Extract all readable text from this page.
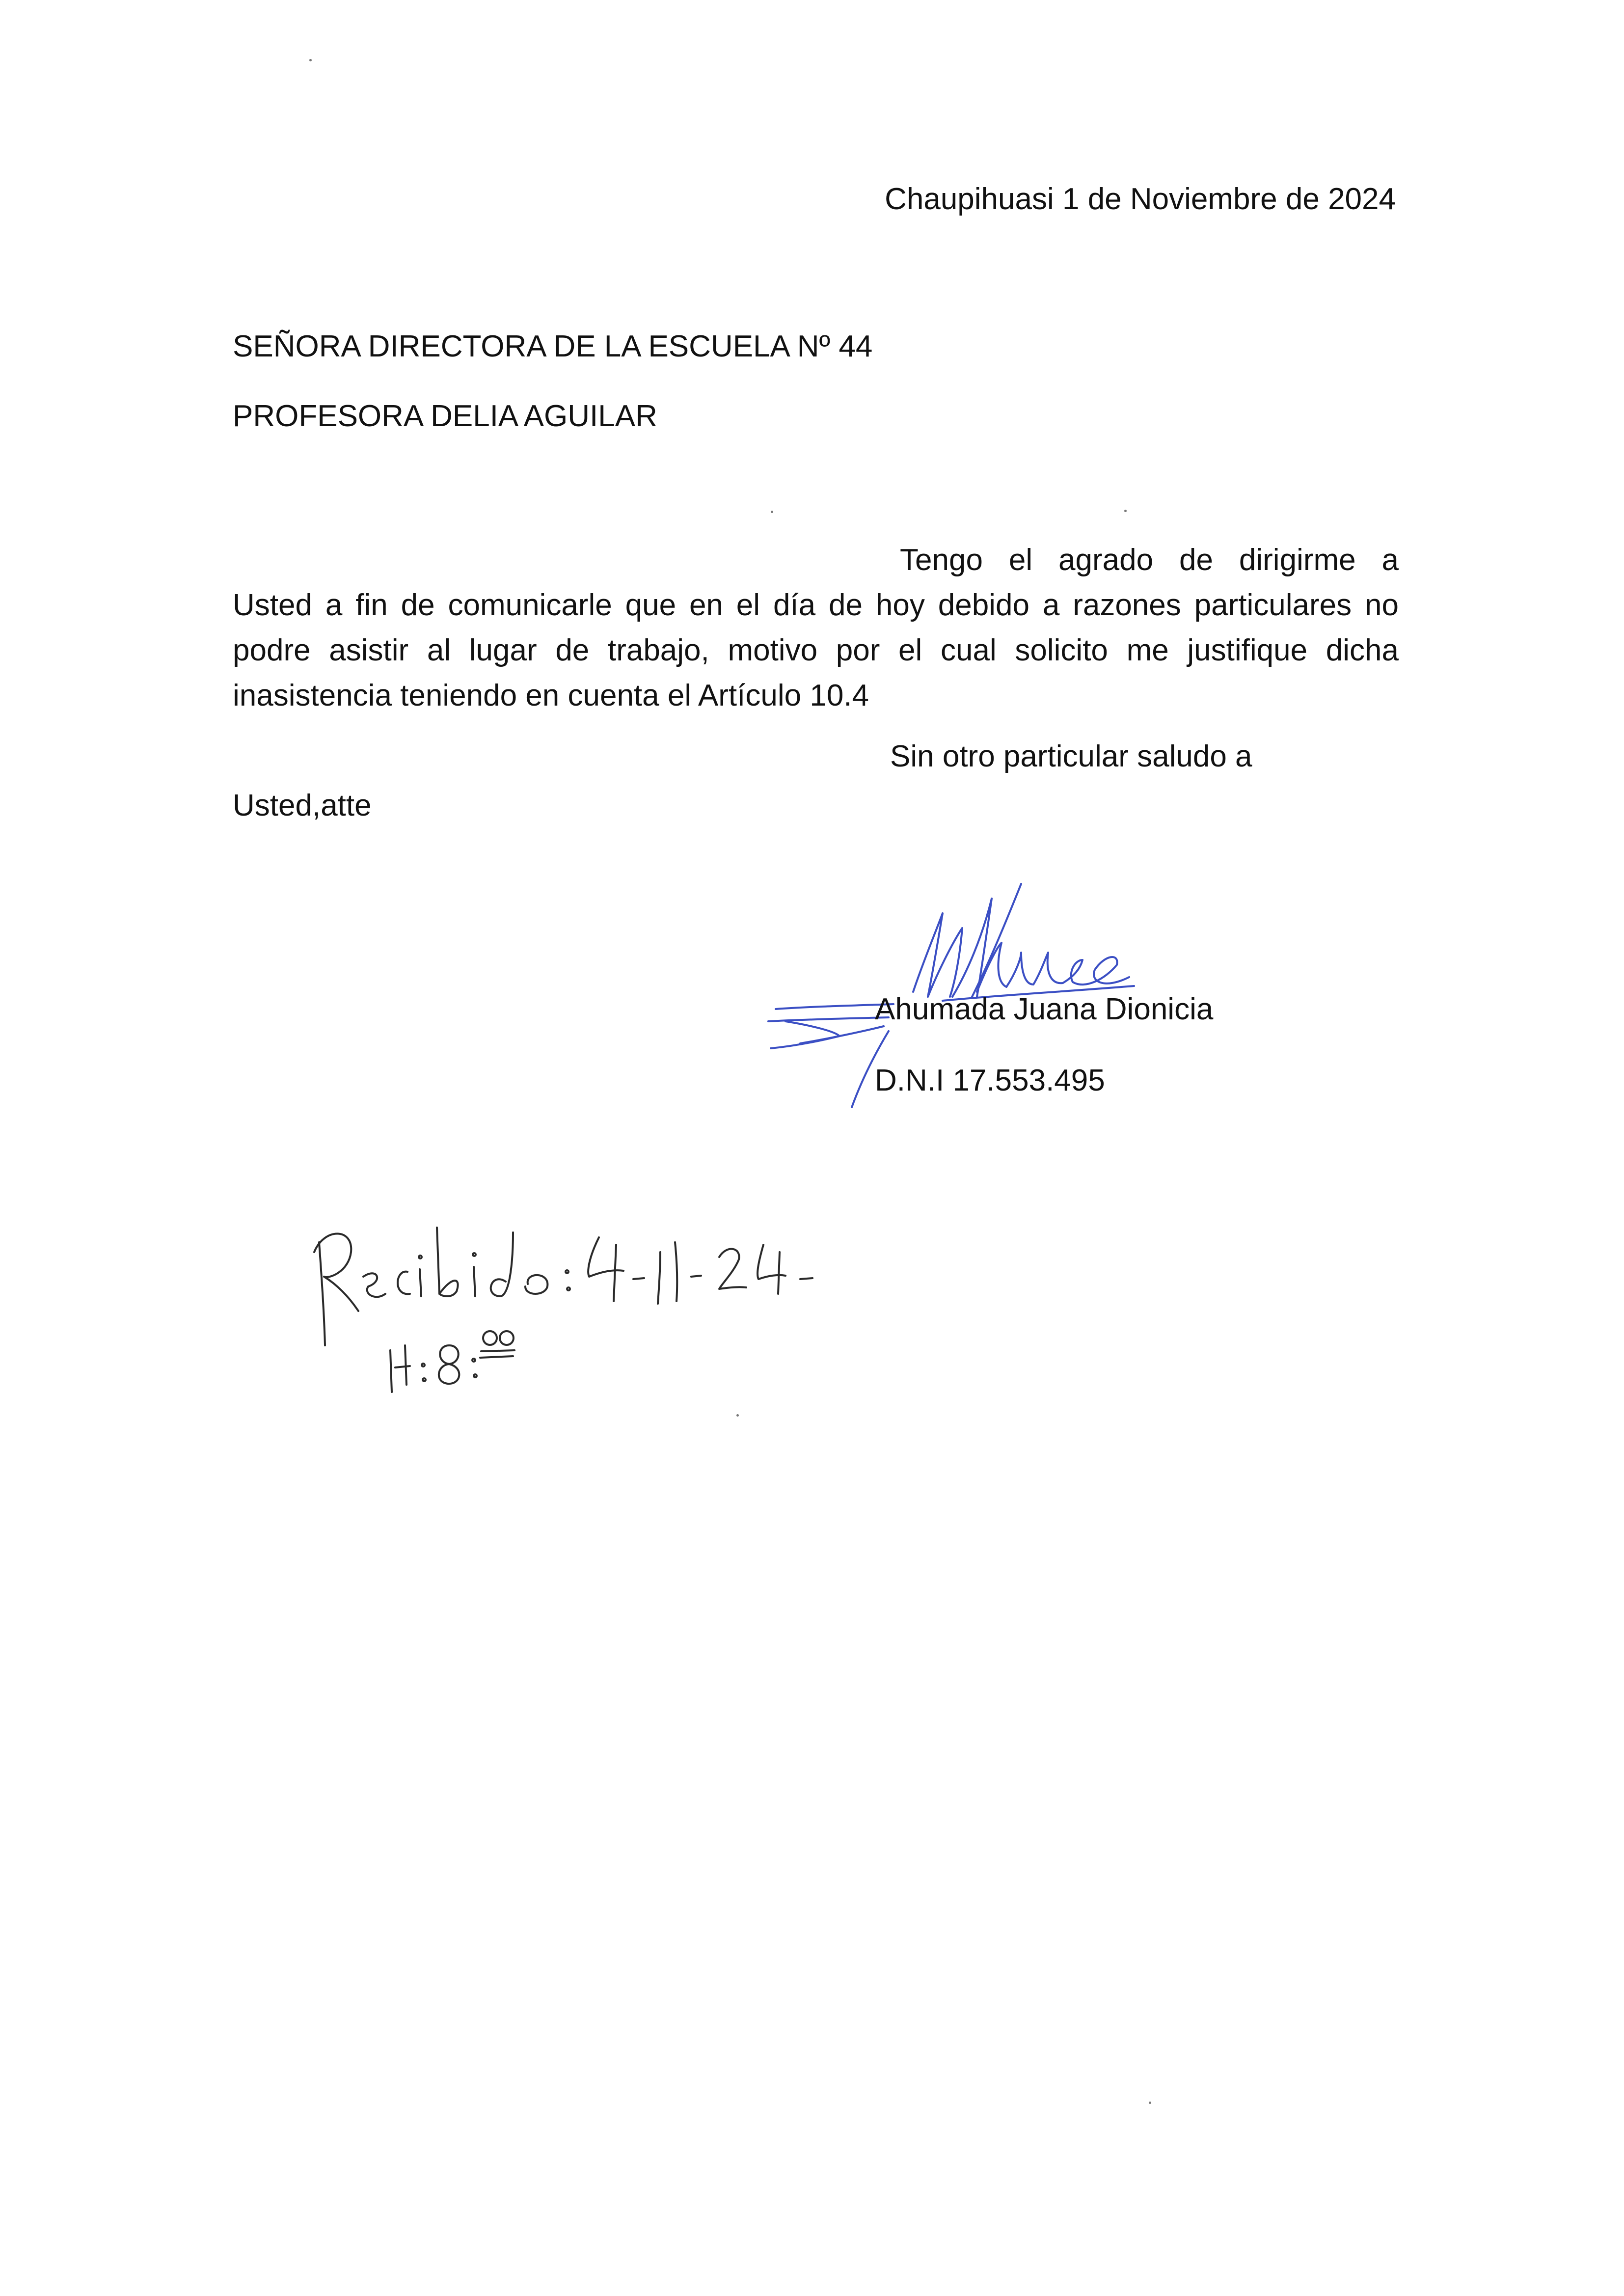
Chaupihuasi 1 de Noviembre de 2024
SEÑORA DIRECTORA DE LA ESCUELA Nº 44
PROFESORA DELIA AGUILAR
Tengo el agrado de dirigirme a Usted a fin de comunicarle que en el día de hoy debido a razones particulares no podre asistir al lugar de trabajo, motivo por el cual solicito me justifique dicha inasistencia teniendo en cuenta el Artículo 10.4
Sin otro particular saludo a
Usted,atte
Ahumada Juana Dionicia
D.N.I 17.553.495
